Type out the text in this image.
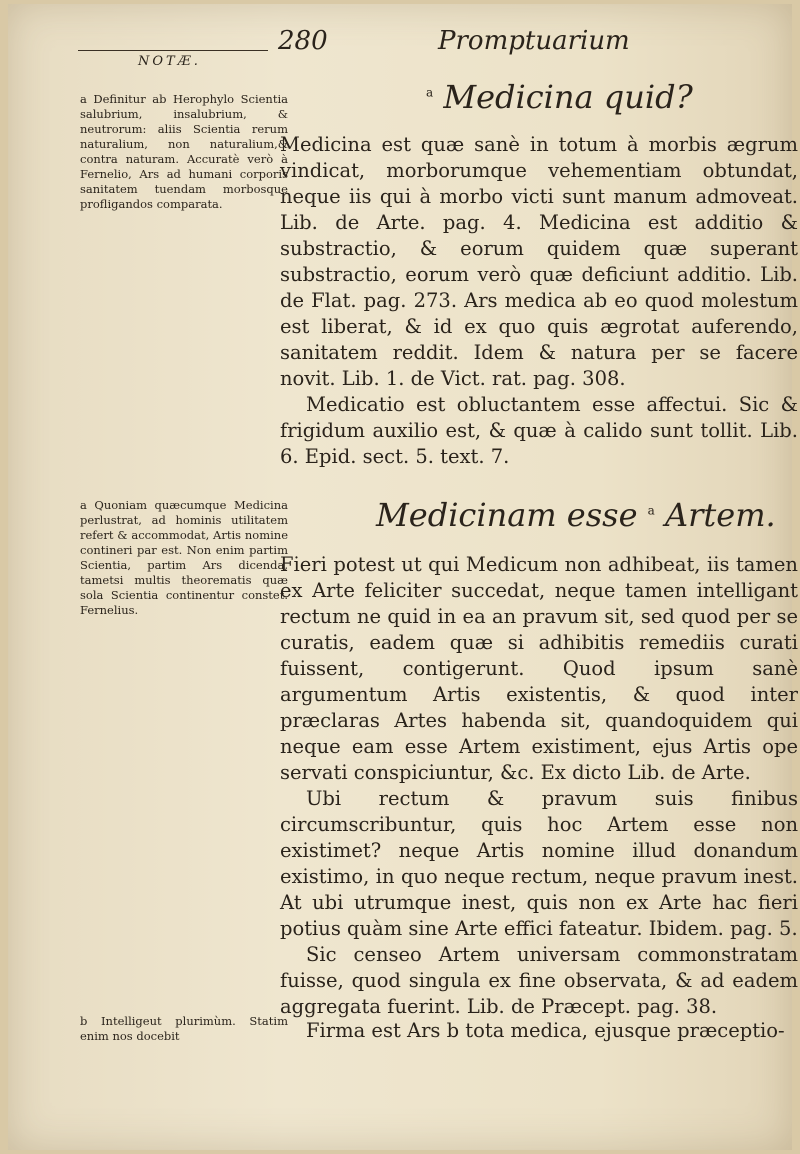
NOTÆ.
280	Promptuarium
$^a$ Medicina quid?

a Definitur ab Herophylo Scientia salubrium, insalubrium, & neutrorum: aliis Scientia rerum naturalium, non naturalium,& contra naturam. Accuratè verò à Fernelio, Ars ad humani corporis sanitatem tuendam morbosque profligandos comparata.

Medicina est quæ sanè in totum à morbis ægrum vindicat, morborumque vehementiam obtundat, neque iis qui à morbo victi sunt manum admoveat. Lib. de Arte. pag. 4. Medicina est additio & substractio, & eorum quidem quæ superant substractio, eorum verò quæ deficiunt additio. Lib. de Flat. pag. 273. Ars medica ab eo quod molestum est liberat, & id ex quo quis ægrotat auferendo, sanitatem reddit. Idem & natura per se facere novit. Lib. 1. de Vict. rat. pag. 308.

Medicatio est obluctantem esse affectui. Sic & frigidum auxilio est, & quæ à calido sunt tollit. Lib. 6. Epid. sect. 5. text. 7.

Medicinam esse $^a$ Artem.

a Quoniam quæcumque Medicina perlustrat, ad hominis utilitatem refert & accommodat, Artis nomine contineri par est. Non enim partim Scientia, partim Ars dicenda, tametsi multis theorematis quæ sola Scientia continentur constet. Fernelius.

Fieri potest ut qui Medicum non adhibeat, iis tamen ex Arte feliciter succedat, neque tamen intelligant rectum ne quid in ea an pravum sit, sed quod per se curatis, eadem quæ si adhibitis remediis curati fuissent, contigerunt. Quod ipsum sanè argumentum Artis existentis, & quod inter præclaras Artes habenda sit, quandoquidem qui neque eam esse Artem existiment, ejus Artis ope servati conspiciuntur, &c. Ex dicto Lib. de Arte.

Ubi rectum & pravum suis finibus circumscribuntur, quis hoc Artem esse non existimet? neque Artis nomine illud donandum existimo, in quo neque rectum, neque pravum inest. At ubi utrumque inest, quis non ex Arte hac fieri potius quàm sine Arte effici fateatur. Ibidem. pag. 5.

Sic censeo Artem universam commonstratam fuisse, quod singula ex fine observata, & ad eadem aggregata fuerint. Lib. de Præcept. pag. 38.

b Intelligeut plurimùm. Statim enim nos docebit	Firma est Ars b tota medica, ejusque præceptio-
